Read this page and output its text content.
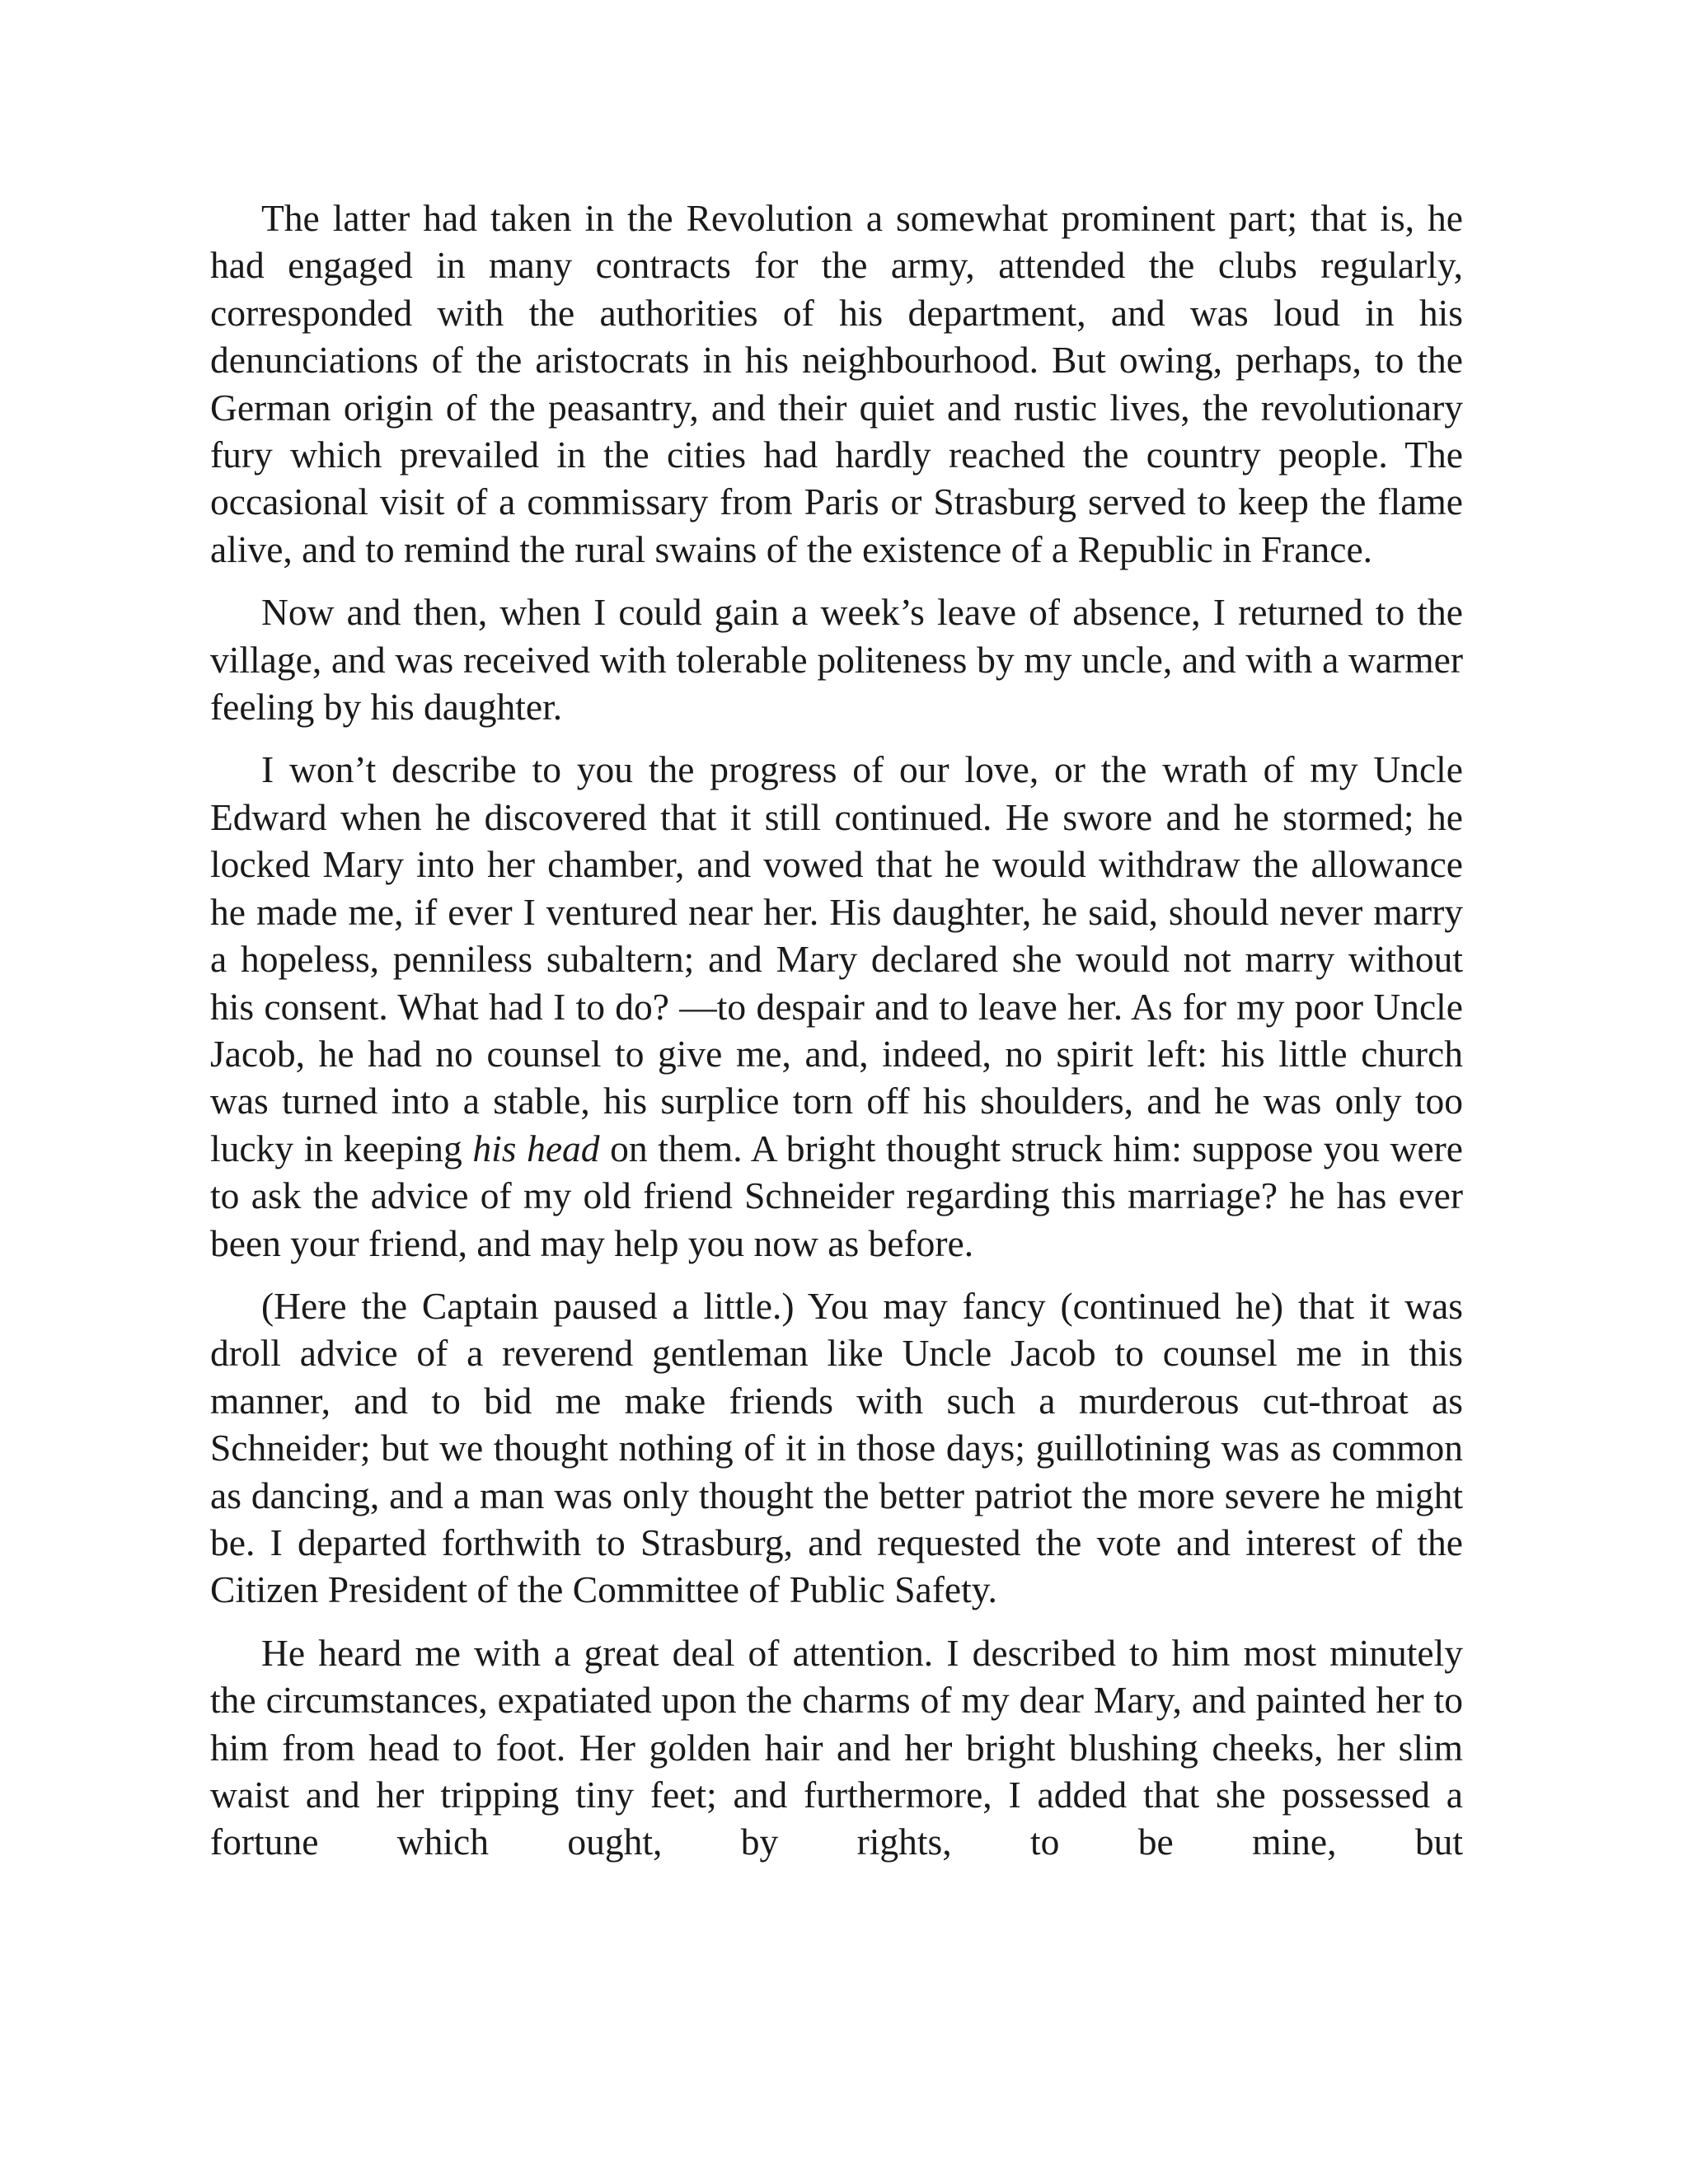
The latter had taken in the Revolution a somewhat prominent part; that is, he had engaged in many contracts for the army, attended the clubs regularly, corresponded with the authorities of his department, and was loud in his denunciations of the aristocrats in his neighbourhood. But owing, perhaps, to the German origin of the peasantry, and their quiet and rustic lives, the revolutionary fury which prevailed in the cities had hardly reached the country people. The occasional visit of a commissary from Paris or Strasburg served to keep the flame alive, and to remind the rural swains of the existence of a Republic in France.

Now and then, when I could gain a week’s leave of absence, I returned to the village, and was received with tolerable politeness by my uncle, and with a warmer feeling by his daughter.

I won’t describe to you the progress of our love, or the wrath of my Uncle Edward when he discovered that it still continued. He swore and he stormed; he locked Mary into her chamber, and vowed that he would withdraw the allowance he made me, if ever I ventured near her. His daughter, he said, should never marry a hopeless, penniless subaltern; and Mary declared she would not marry without his consent. What had I to do? —to despair and to leave her. As for my poor Uncle Jacob, he had no counsel to give me, and, indeed, no spirit left: his little church was turned into a stable, his surplice torn off his shoulders, and he was only too lucky in keeping his head on them. A bright thought struck him: suppose you were to ask the advice of my old friend Schneider regarding this marriage? he has ever been your friend, and may help you now as before.

(Here the Captain paused a little.) You may fancy (continued he) that it was droll advice of a reverend gentleman like Uncle Jacob to counsel me in this manner, and to bid me make friends with such a murderous cut-throat as Schneider; but we thought nothing of it in those days; guillotining was as common as dancing, and a man was only thought the better patriot the more severe he might be. I departed forthwith to Strasburg, and requested the vote and interest of the Citizen President of the Committee of Public Safety.

He heard me with a great deal of attention. I described to him most minutely the circumstances, expatiated upon the charms of my dear Mary, and painted her to him from head to foot. Her golden hair and her bright blushing cheeks, her slim waist and her tripping tiny feet; and furthermore, I added that she possessed a fortune which ought, by rights, to be mine, but
